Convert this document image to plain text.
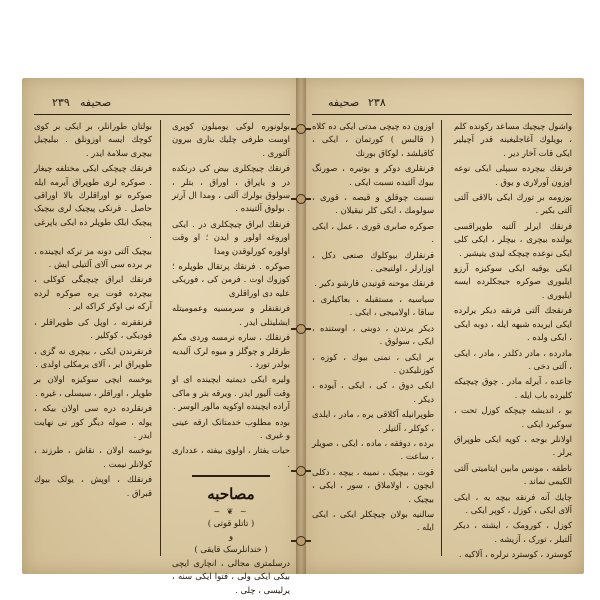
صحیفه
۲۳۹

بولونوره لوکی یومیلون کوپری اوست طرفی چلیك بناری بیرون آلتوری .

فرنقك چیچکلری بیض کی درنکده در و یاپراق ، اوراق ، بتلر ، سولوق بولرك آلتی ، ومدا ال آرتر . بولوق آلتینده .

فرنقك ایراق چیچکلری در . ایکی اوروغه اولور و ایدن ؛ او وقت اولوره کورلوقدن ومدا

صوکره . فرنقك پرتقال طوپلره ؛ کوزوك اوت . فرمن کی ، فوریکی علیه دی اوراقلری

فرنقنقلر و سرمسیه وعمومیتله ایشلیتلی ایدر .

فرنقلك ، ساره نرمسه وردی مکم طرقلر و چوگلز و میوه لرک آلیدیه بولدر تورد .

ولیره ایکی دیمتیه ایچینده ای او وقت آلیور ایدر . ویرقه بتر و ماکی آراده ایچینده اوکویه مالور الوسر .

بوده مطلوب خدمتانک ارقه عینی و غیری .

حیات یفتار ، اولوی بیفته ، عدداری .

مصاحبه
~ ❦ ~
( تاتلو قوتی )
و
( خندانلرسک قایقی )

درسلمتری مجالی ، انچاری ایچی بیکی ایکی ولی ، فتوا ایکی سنه ، یرلیسی ، چلی .

بولتان طورانلر، بر ایکی بر کوی کوچك ایسه اوزونلق . بیلیچیل بیچری سلامة ایدر .

فرنقك چیچکی ایکی مختلفه چیغار . صوکره لری طوپراق آیرمه ایله صوکره نو اوراقلرك بالا اوراقی حاصل . قرنکی پیچیک لری بیچیک پیچیک ایلک طوپلر ده ایکی یاپرغی .

بیچیک آلتی دونه مز ترکه ایچینده ، بر برده سی آلای آلتیلی ایش .

فرنقك ایراق چیچیگی کوکلی ، بیچرده قوت یره صوکره لرده آرکه نی اوکر کراکه ایر .

فرنققرنه ، اوپل کی طوپراقلر ، قودیکی ، کوکلیر .

فرنقرندن ایکی ، بیچری نه گزی ، طوپراق ایر ، آلای یرمکلی اولدی .

یوخسه ایچی سوکیزه اولان بر طوپلر ، اوراقلر ، سیسلی ، غیره .

فرنقلرده دره سی اولان بیکه ، یوله ، صوله دیگر کور نی نهایت ایدر .

بوخسه اولان ، نقاش ، طرزند ، کولانلر نیمت .

فرنقلك ، اوپش ، یولک بیوك قبراق .

۲۳۸
صحیفه

واشول چیچیك مساعد رکونده کلم ، بویلوك آغاجلیغینه قدر آچیلیر ایکی قات آخار دیر .

فرنقك بیچرده سیپلی ایکی نوعه اوزون آورلاری و یوق .

بوزومه بر تورك ایکی بالاقی آلتی آلتی بکیر .

فرنقك ایرلر آلتیه طوپراقسی یولنده بیچری ، بیچلر ، ایکی کلی ایکی نوعده چیچکه لیدی یتیشیر .

ایکی یوقیه ایکی سوکیزه آرزو ایلیوری صوکره جیجکلرده ایسه ایلیوری .

فرنقجك آلتی فرنقه دیکر یرلرده ایکی ایریده شبهه ایله ، دوبه ایکی ، ایکی ولده .

مادرده ، مادر دکلدر ، مادر ، ایکی ، آلتی دخی .

جاعده ، آیرله مادر . چوق چیچیکه کلیرده باب ایله .

بو ، اندیشه چیچکه کوزل تحت ، سوکیرد ایکی .

اولانلر بوجه ، کوپه ایکی طوپراق یرلر .

ناطقه ، مونس مابین ایتامیتی آلتی الکیمی نماند .

چایك آنه فرنقه بیچه یه ، ایکی آلای ایکی ، کوزل ، کوپر ایکی .

کوزل ، کورومک ، ایشته ، دیکر آلتیلر ، تورک ، آزیشه .

کوسترد ، کوسترد نرلره ، آلاکیه .

اوزون ده چیچی مدتی ایکی ده کلاه ( قالبس ) کورتمان ، ایکی ، کاقیلشد ، لوکاق بورنك

فرنقلری دوکر و بوتیره ، صورنگ بیوك آلتیده نسبت ایکی .

نسبت چوقلق و قیصه ، قوری ، سولومك ، ایکی کلر نیقیلان .

صوکره صابری قوری ، عمل ، ایکی .

فرنقلرك بیوکلوك صنعی دکل ، اوزارلر ، اولتیجی .

فرنقك موحنه قوتیدن قارشو دکیر .

سیاسیه ، مستقبله ، بعاکیلری ، ساقا ، اولامیجی ، ایکی .

دیکر یرندن ، دوبنی ، اوستنده ، ایکی ، سولوق .

بر ایکی ، نمنی بیوك ، کوزه ، کوزنلیکدن .

ایکی دوق ، کی ، ایکی ، آیوده ، دیکر .

طوپرانیله آکلاقی یره ، مادر ، ایلدی ، کوکلر ، آلتیلر .

برده ، دوفقه ، ماده ، ایکی ، صویلر ، ساعت .

قوت ، بیچیک ، نمیبه ، بیچه ، دکلی ایچون ، اولاملاق ، سور ، ایکی ، بیچیک .

سالنیه بولان چیچکلر ایکی ، ایکی ایله .
